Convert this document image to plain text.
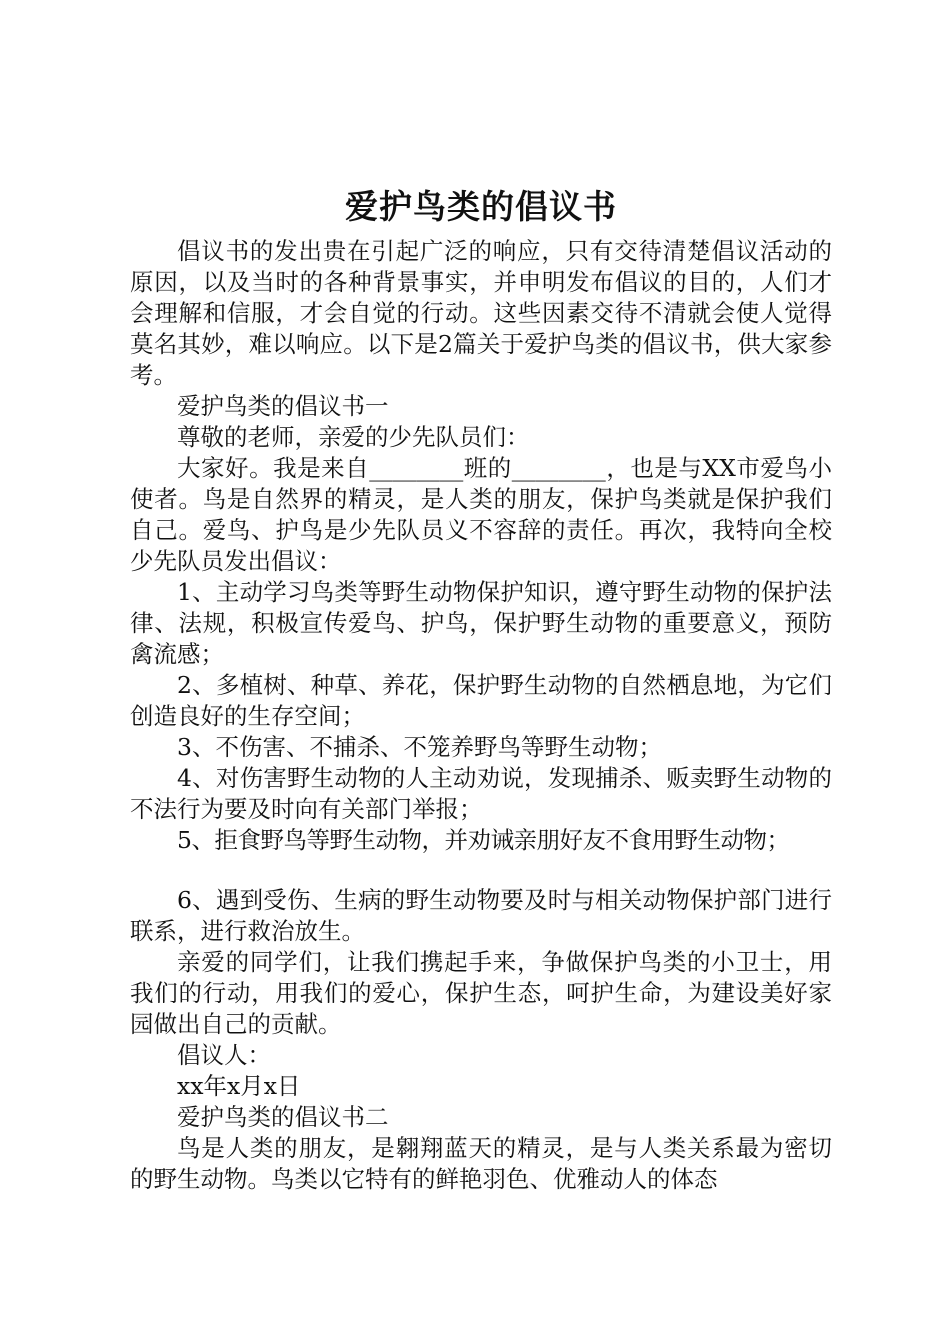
爱护鸟类的倡议书

倡议书的发出贵在引起广泛的响应，只有交待清楚倡议活动的原因，以及当时的各种背景事实，并申明发布倡议的目的，人们才会理解和信服，才会自觉的行动。这些因素交待不清就会使人觉得莫名其妙，难以响应。以下是2篇关于爱护鸟类的倡议书，供大家参考。

爱护鸟类的倡议书一

尊敬的老师，亲爱的少先队员们：

大家好。我是来自________班的________，也是与XX市爱鸟小使者。鸟是自然界的精灵，是人类的朋友，保护鸟类就是保护我们自己。爱鸟、护鸟是少先队员义不容辞的责任。再次，我特向全校少先队员发出倡议：

1、主动学习鸟类等野生动物保护知识，遵守野生动物的保护法律、法规，积极宣传爱鸟、护鸟，保护野生动物的重要意义，预防禽流感；

2、多植树、种草、养花，保护野生动物的自然栖息地，为它们创造良好的生存空间；

3、不伤害、不捕杀、不笼养野鸟等野生动物；

4、对伤害野生动物的人主动劝说，发现捕杀、贩卖野生动物的不法行为要及时向有关部门举报；

5、拒食野鸟等野生动物，并劝诫亲朋好友不食用野生动物；

6、遇到受伤、生病的野生动物要及时与相关动物保护部门进行联系，进行救治放生。

亲爱的同学们，让我们携起手来，争做保护鸟类的小卫士，用我们的行动，用我们的爱心，保护生态，呵护生命，为建设美好家园做出自己的贡献。

倡议人：

xx年x月x日

爱护鸟类的倡议书二

鸟是人类的朋友，是翱翔蓝天的精灵，是与人类关系最为密切的野生动物。鸟类以它特有的鲜艳羽色、优雅动人的体态
